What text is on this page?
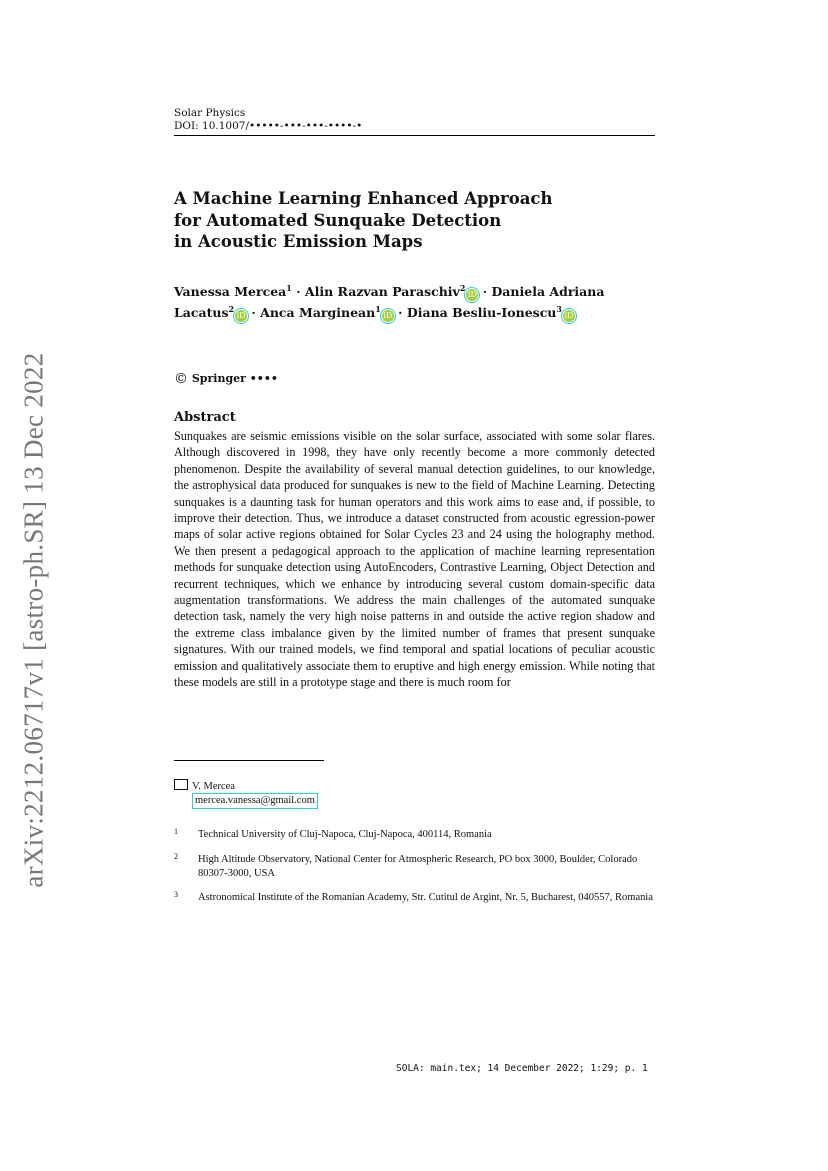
arXiv:2212.06717v1 [astro-ph.SR] 13 Dec 2022
Solar Physics
DOI: 10.1007/•••••-•••-•••-••••-•
A Machine Learning Enhanced Approach
for Automated Sunquake Detection
in Acoustic Emission Maps
Vanessa Mercea$^1$ · Alin Razvan Paraschiv$^2$iD · Daniela Adriana Lacatus$^2$iD · Anca Marginean$^1$iD · Diana Besliu-Ionescu$^3$iD
© Springer ••••
Abstract
Sunquakes are seismic emissions visible on the solar surface, associated with some solar flares. Although discovered in 1998, they have only recently become a more commonly detected phenomenon. Despite the availability of several manual detection guidelines, to our knowledge, the astrophysical data produced for sunquakes is new to the field of Machine Learning. Detecting sunquakes is a daunting task for human operators and this work aims to ease and, if possible, to improve their detection. Thus, we introduce a dataset constructed from acoustic egression-power maps of solar active regions obtained for Solar Cycles 23 and 24 using the holography method. We then present a pedagogical approach to the application of machine learning representation methods for sunquake detection using AutoEncoders, Contrastive Learning, Object Detection and recurrent techniques, which we enhance by introducing several custom domain-specific data augmentation transformations. We address the main challenges of the automated sunquake detection task, namely the very high noise patterns in and outside the active region shadow and the extreme class imbalance given by the limited number of frames that present sunquake signatures. With our trained models, we find temporal and spatial locations of peculiar acoustic emission and qualitatively associate them to eruptive and high energy emission. While noting that these models are still in a prototype stage and there is much room for
V. Mercea
mercea.vanessa@gmail.com
1 Technical University of Cluj-Napoca, Cluj-Napoca, 400114, Romania
2 High Altitude Observatory, National Center for Atmospheric Research, PO box 3000, Boulder, Colorado 80307-3000, USA
3 Astronomical Institute of the Romanian Academy, Str. Cutitul de Argint, Nr. 5, Bucharest, 040557, Romania
SOLA: main.tex; 14 December 2022; 1:29; p. 1
